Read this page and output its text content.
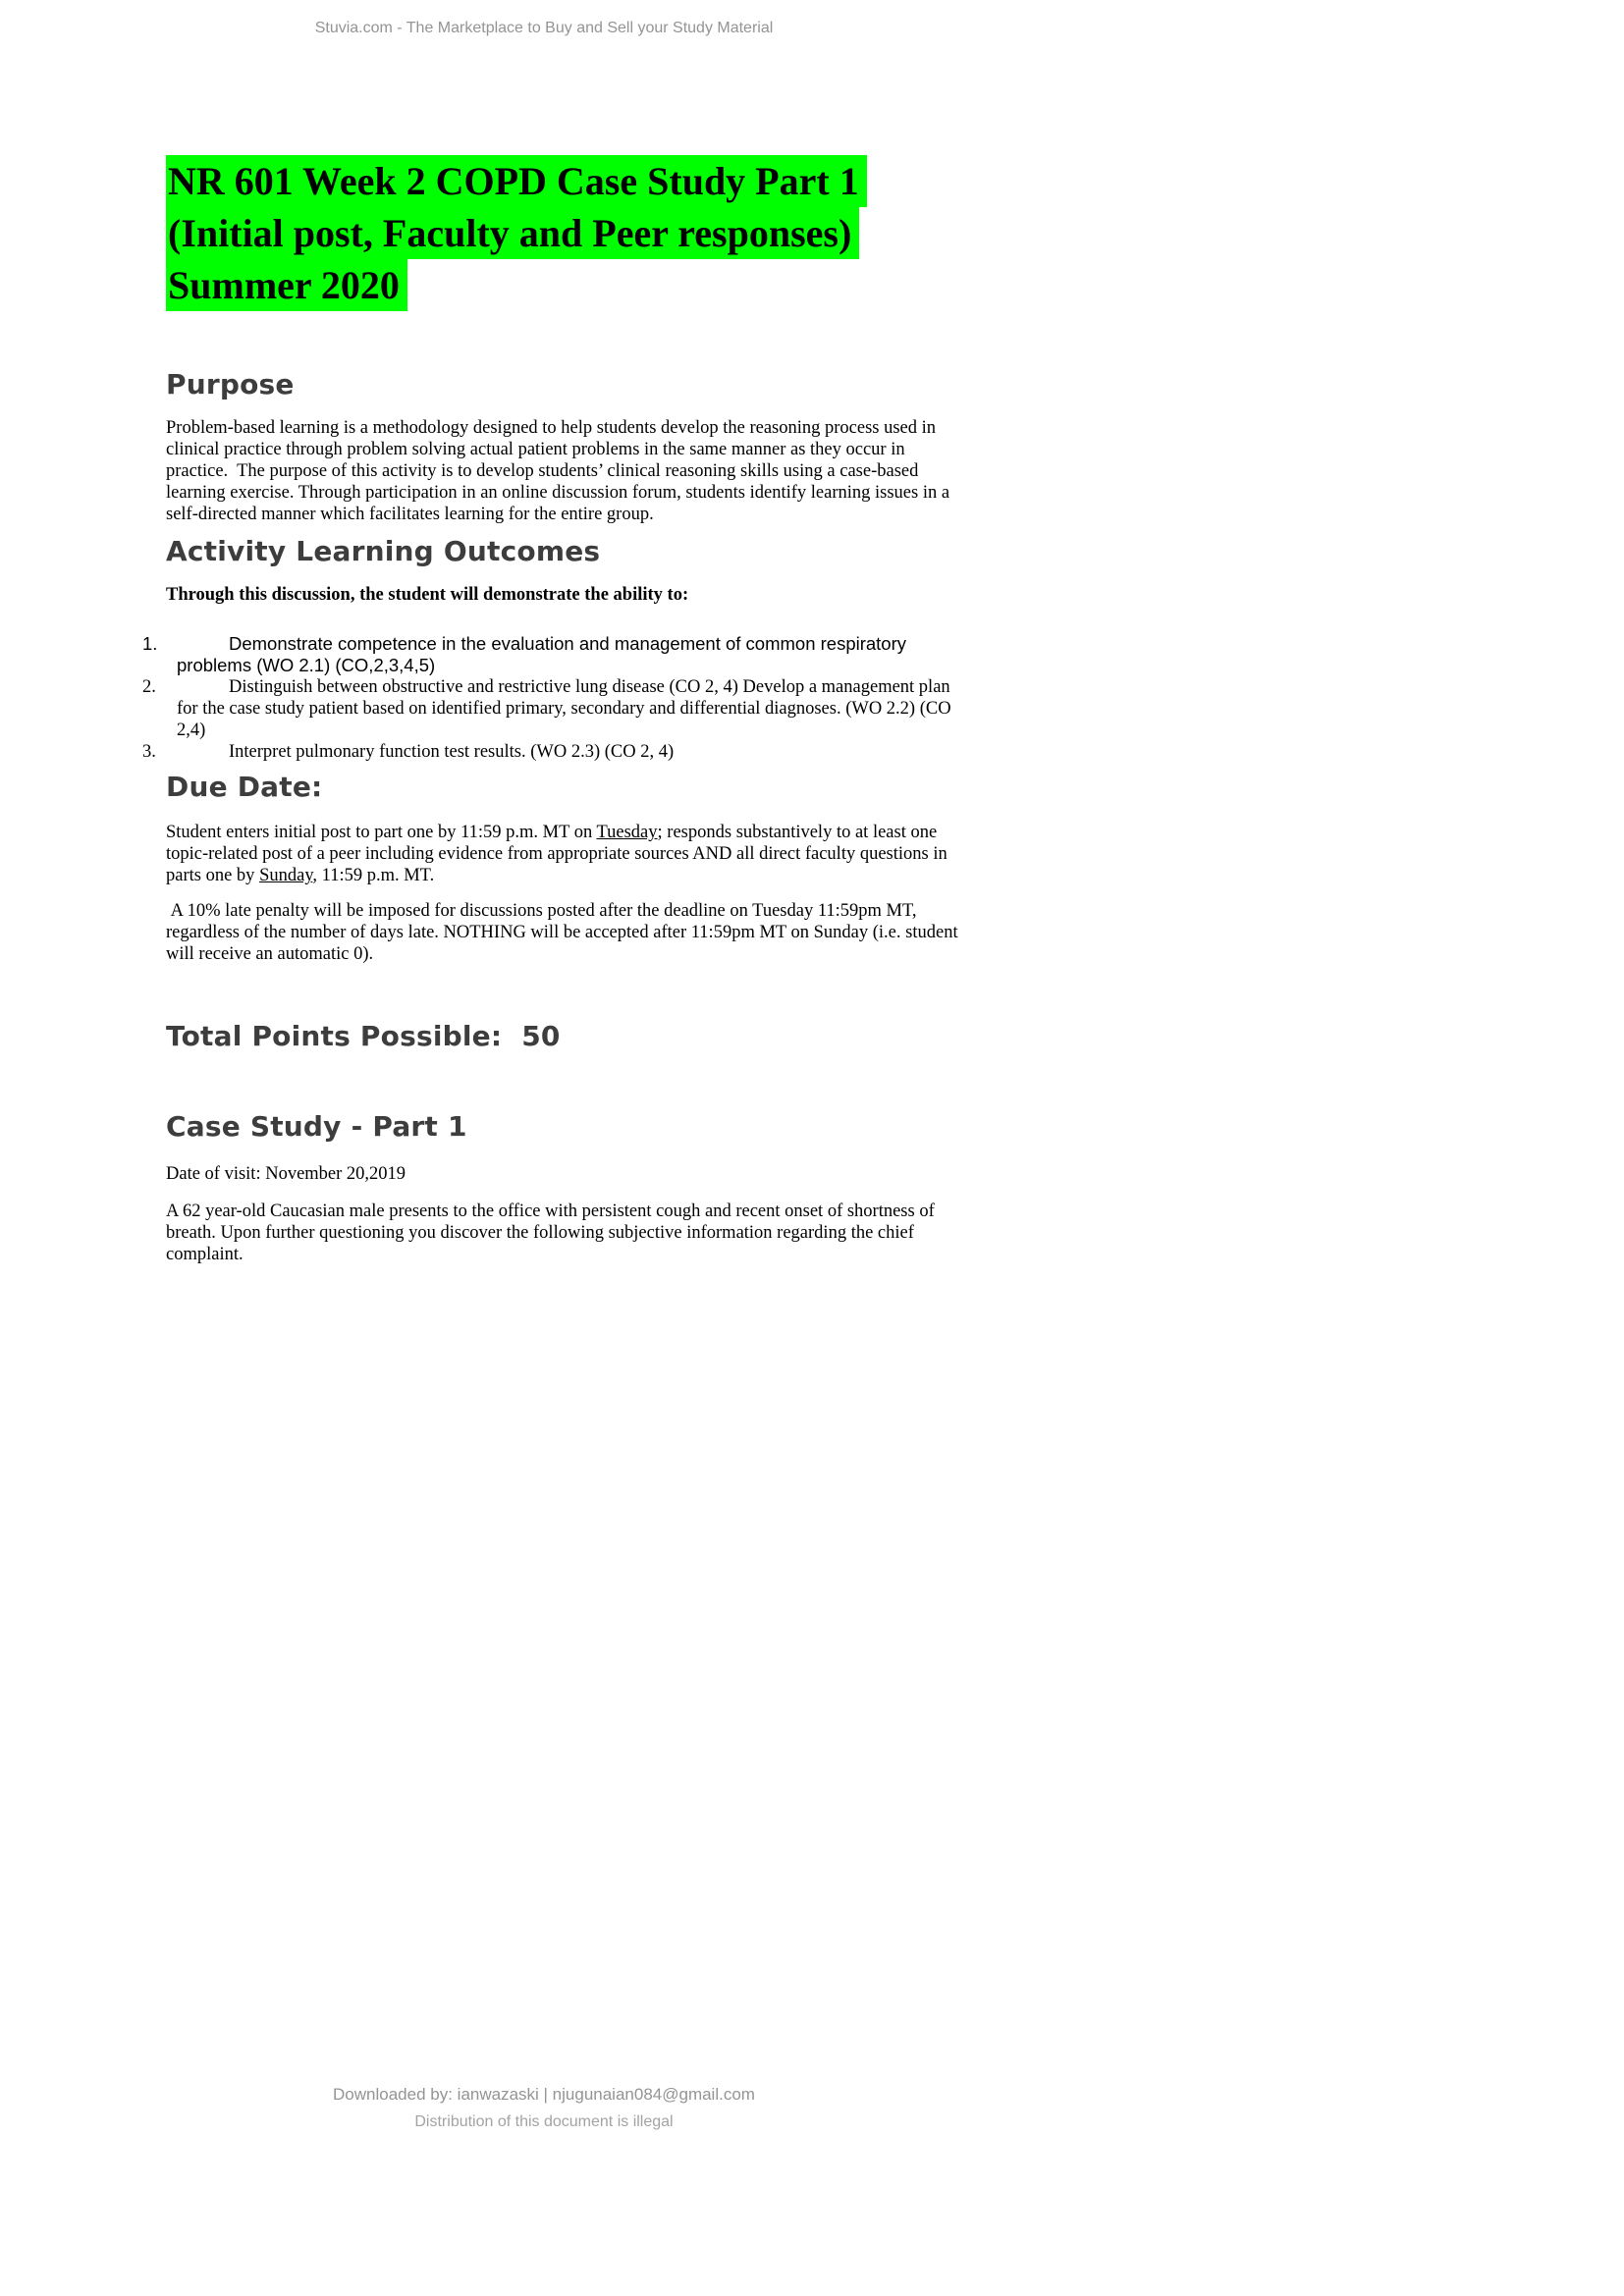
Stuvia.com - The Marketplace to Buy and Sell your Study Material
NR 601 Week 2 COPD Case Study Part 1
(Initial post, Faculty and Peer responses)
Summer 2020
Purpose
Problem-based learning is a methodology designed to help students develop the reasoning process used in clinical practice through problem solving actual patient problems in the same manner as they occur in practice.  The purpose of this activity is to develop students’ clinical reasoning skills using a case-based learning exercise. Through participation in an online discussion forum, students identify learning issues in a self-directed manner which facilitates learning for the entire group.
Activity Learning Outcomes
Through this discussion, the student will demonstrate the ability to:
1.	Demonstrate competence in the evaluation and management of common respiratory problems (WO 2.1) (CO,2,3,4,5)
2.	Distinguish between obstructive and restrictive lung disease (CO 2, 4) Develop a management plan for the case study patient based on identified primary, secondary and differential diagnoses. (WO 2.2) (CO 2,4)
3.	Interpret pulmonary function test results. (WO 2.3) (CO 2, 4)
Due Date:
Student enters initial post to part one by 11:59 p.m. MT on Tuesday; responds substantively to at least one topic-related post of a peer including evidence from appropriate sources AND all direct faculty questions in parts one by Sunday, 11:59 p.m. MT.
A 10% late penalty will be imposed for discussions posted after the deadline on Tuesday 11:59pm MT, regardless of the number of days late. NOTHING will be accepted after 11:59pm MT on Sunday (i.e. student will receive an automatic 0).
Total Points Possible: 50
Case Study - Part 1
Date of visit: November 20,2019
A 62 year-old Caucasian male presents to the office with persistent cough and recent onset of shortness of breath. Upon further questioning you discover the following subjective information regarding the chief complaint.
Downloaded by: ianwazaski | njugunaian084@gmail.com
Distribution of this document is illegal
